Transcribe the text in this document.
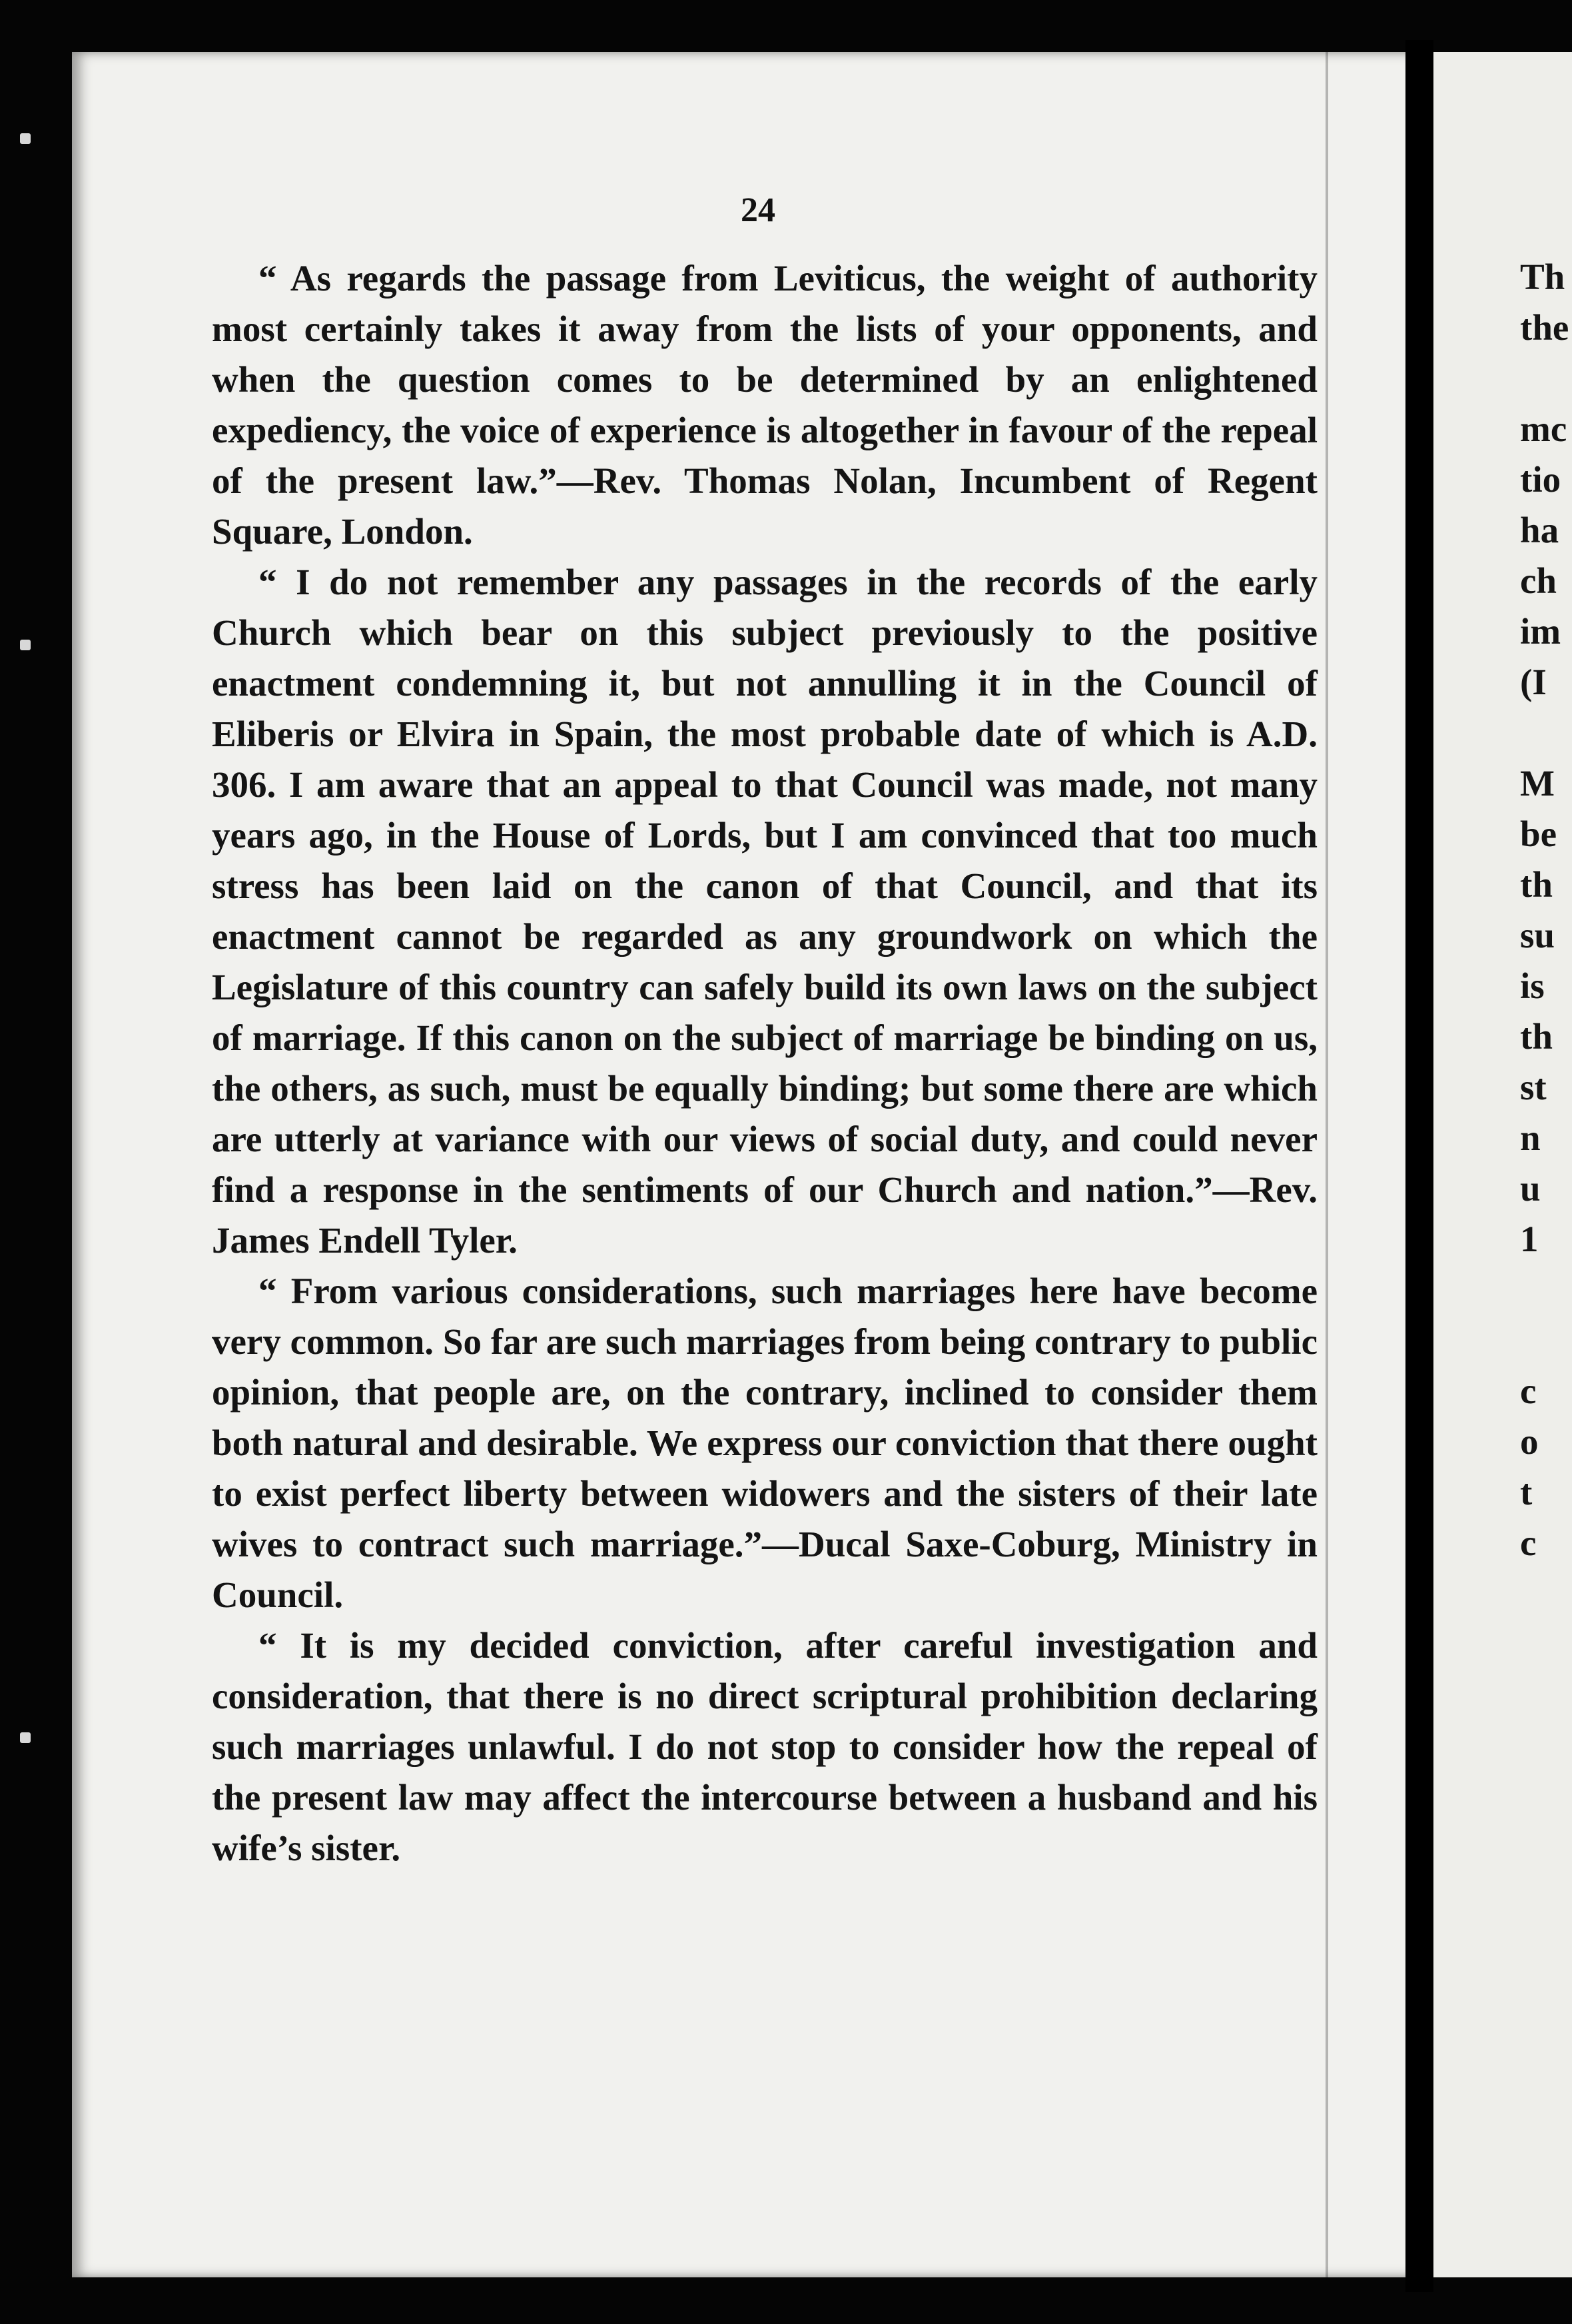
24

“ As regards the passage from Leviticus, the weight of authority most certainly takes it away from the lists of your opponents, and when the question comes to be determined by an enlightened expediency, the voice of experience is altogether in favour of the repeal of the present law.”—Rev. Thomas Nolan, Incumbent of Regent Square, London.

“ I do not remember any passages in the records of the early Church which bear on this subject previously to the positive enactment condemning it, but not annulling it in the Council of Eliberis or Elvira in Spain, the most probable date of which is A.D. 306. I am aware that an appeal to that Council was made, not many years ago, in the House of Lords, but I am convinced that too much stress has been laid on the canon of that Council, and that its enactment cannot be regarded as any groundwork on which the Legislature of this country can safely build its own laws on the subject of marriage. If this canon on the subject of marriage be binding on us, the others, as such, must be equally binding; but some there are which are utterly at variance with our views of social duty, and could never find a response in the sentiments of our Church and nation.”—Rev. James Endell Tyler.

“ From various considerations, such marriages here have become very common. So far are such marriages from being contrary to public opinion, that people are, on the contrary, inclined to consider them both natural and desirable. We express our conviction that there ought to exist perfect liberty between widowers and the sisters of their late wives to contract such marriage.”—Ducal Saxe-Coburg, Ministry in Council.

“ It is my decided conviction, after careful investigation and consideration, that there is no direct scriptural prohibition declaring such marriages unlawful. I do not stop to consider how the repeal of the present law may affect the intercourse between a husband and his wife’s sister.

Th
the
mc
tio
ha
ch
im
(I
M
be
th
su
is
th
st
n
u
1
c
o
t
c
